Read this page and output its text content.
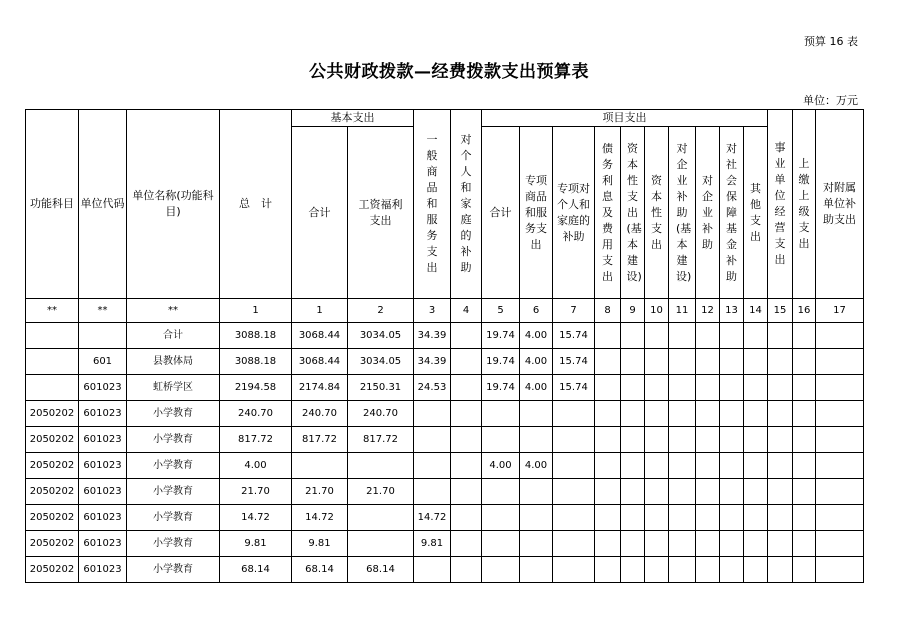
预算 16 表
公共财政拨款—经费拨款支出预算表
单位：万元
功能科目	单位代码	单位名称(功能科目)	总　计	基本支出		一般商品和服务支出	对个人和家庭的补助	项目支出										事业单位经营支出	上缴上级支出	对附属单位补助支出
				合计	工资福利支出			合计	专项商品和服务支出	专项对个人和家庭的补助	债务利息及费用支出	资本性支出(基本建设)	资本性支出	对企业补助(基本建设)	对企业补助	对社会保障基金补助	其他支出			
**	**	**	1	1	2	3	4	5	6	7	8	9	10	11	12	13	14	15	16	17
		合计	3088.18	3068.44	3034.05	34.39		19.74	4.00	15.74										
	601	县教体局	3088.18	3068.44	3034.05	34.39		19.74	4.00	15.74										
	601023	虹桥学区	2194.58	2174.84	2150.31	24.53		19.74	4.00	15.74										
2050202	601023	小学教育	240.70	240.70	240.70															
2050202	601023	小学教育	817.72	817.72	817.72															
2050202	601023	小学教育	4.00					4.00	4.00											
2050202	601023	小学教育	21.70	21.70	21.70															
2050202	601023	小学教育	14.72	14.72		14.72														
2050202	601023	小学教育	9.81	9.81		9.81														
2050202	601023	小学教育	68.14	68.14	68.14															
